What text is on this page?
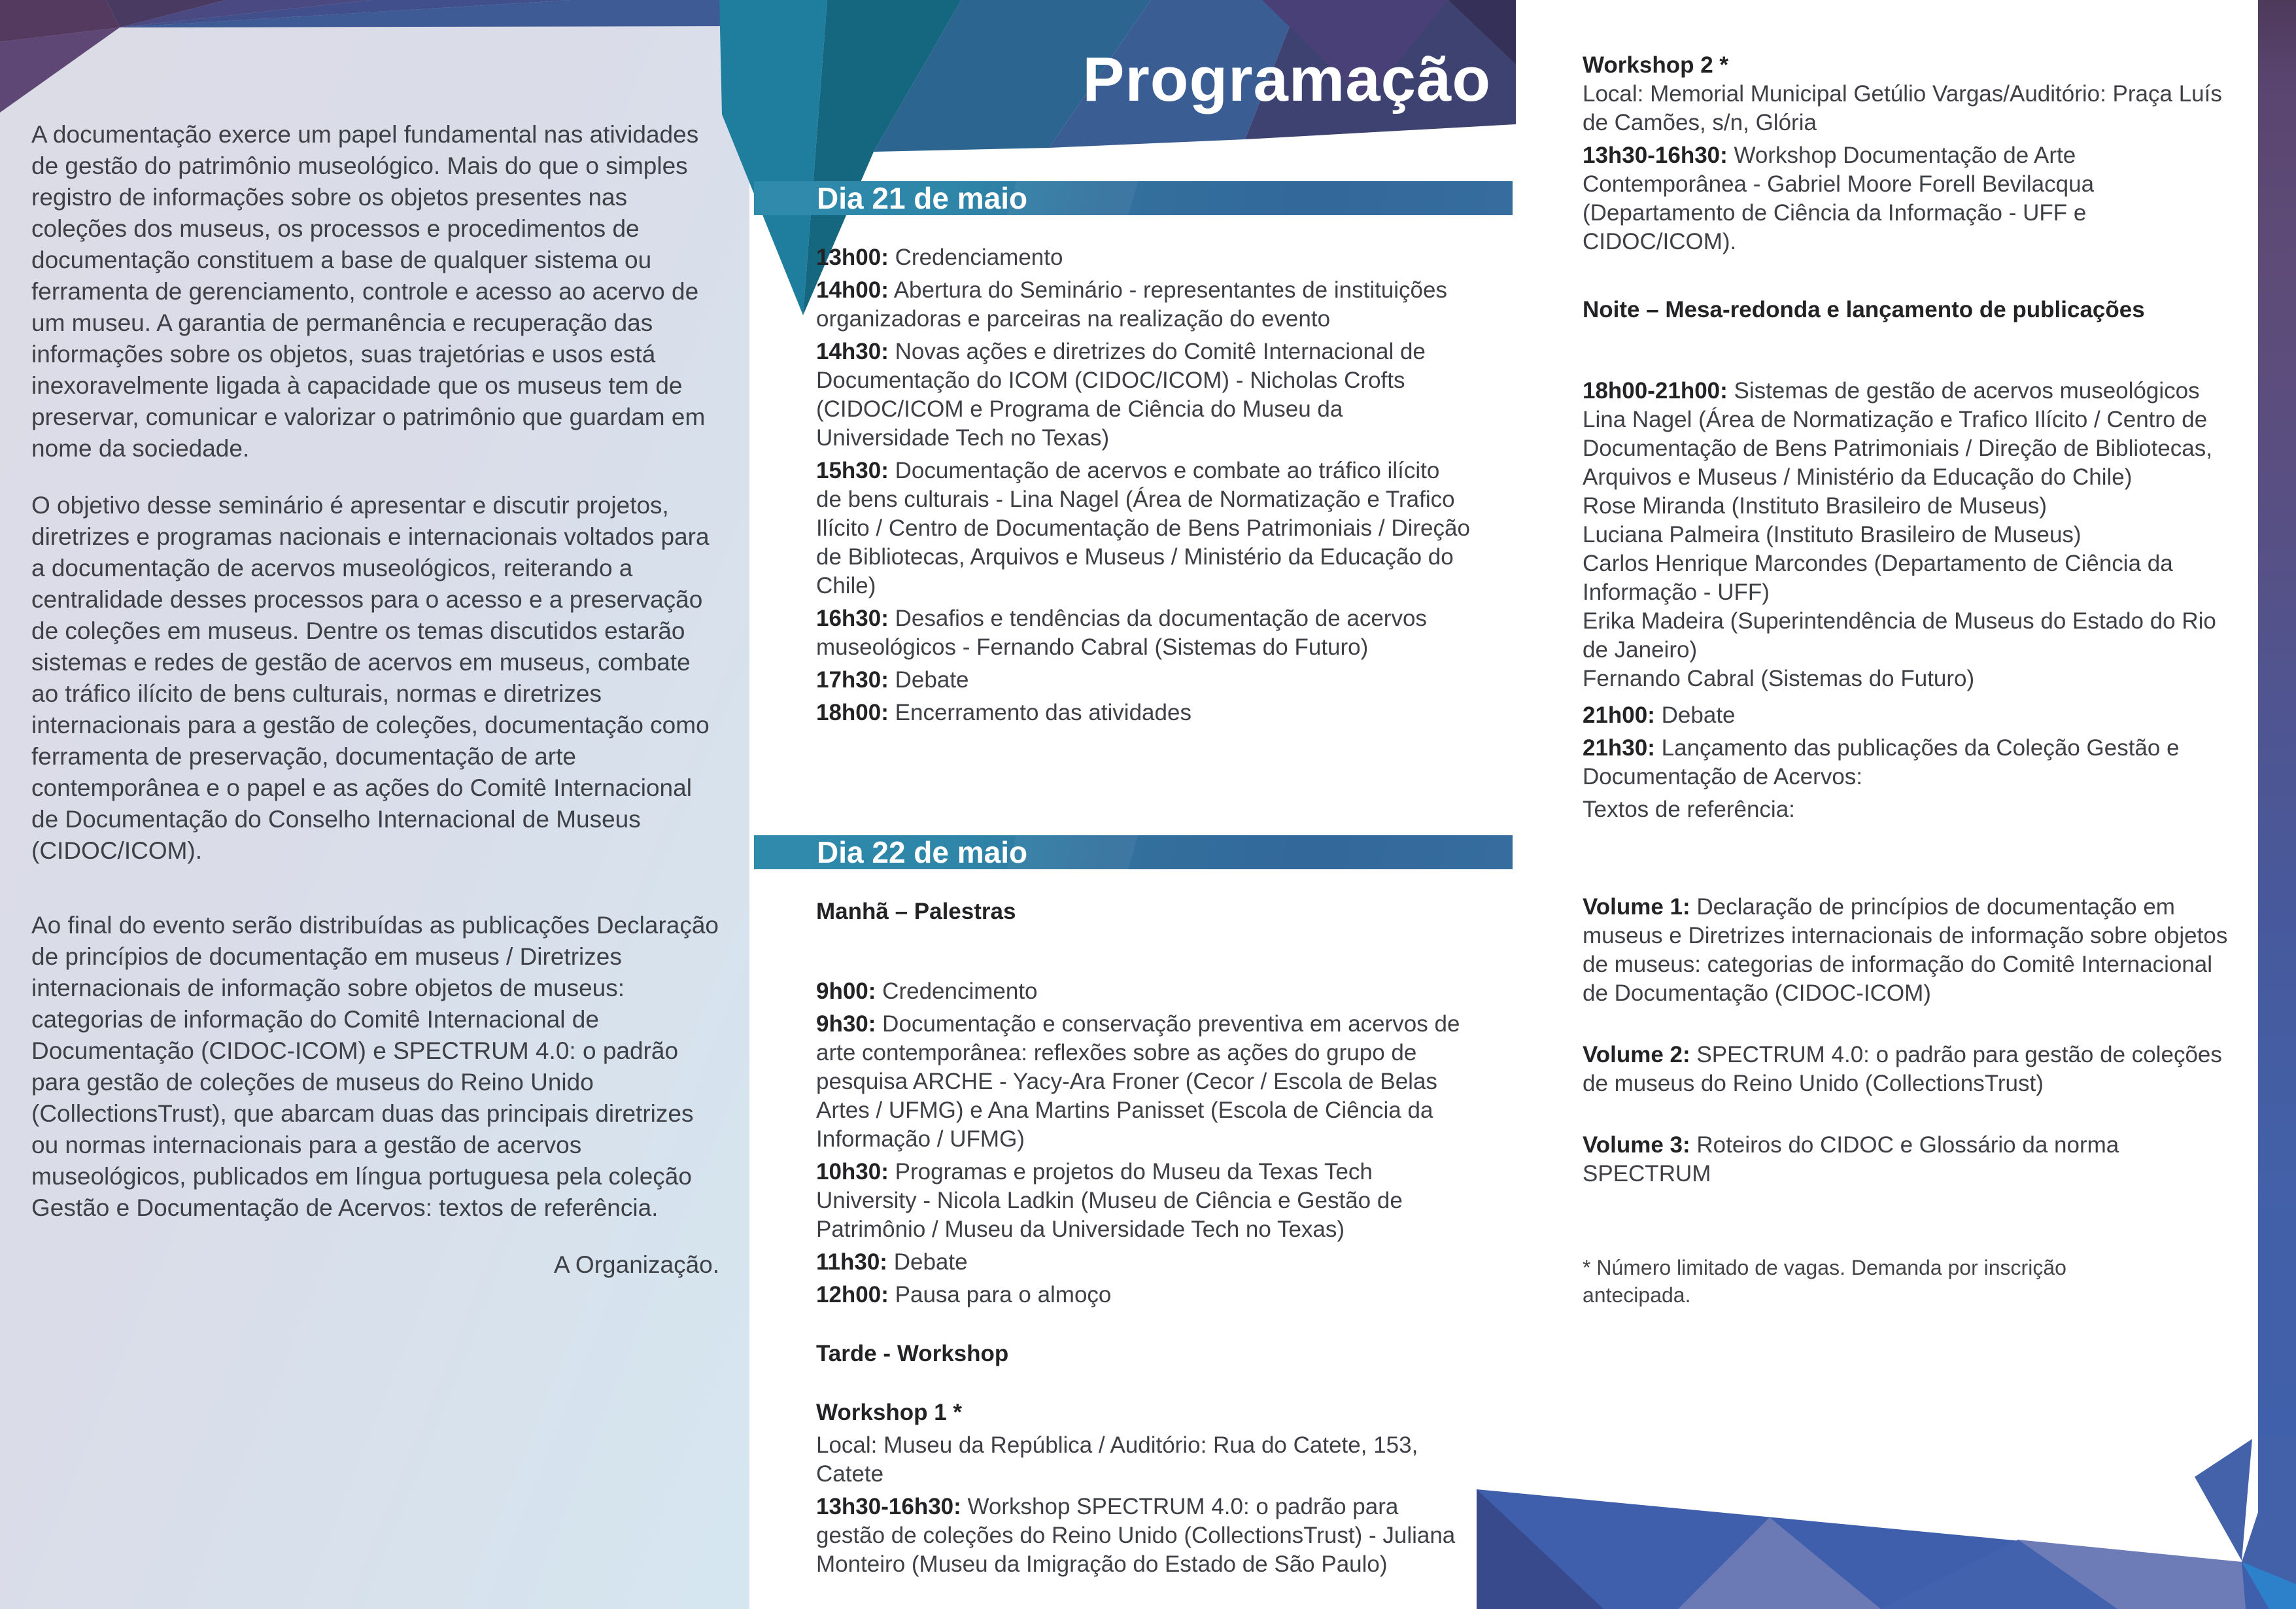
A documentação exerce um papel fundamental nas atividades de gestão do patrimônio museológico. Mais do que o simples registro de informações sobre os objetos presentes nas coleções dos museus, os processos e procedimentos de documentação constituem a base de qualquer sistema ou ferramenta de gerenciamento, controle e acesso ao acervo de um museu. A garantia de permanência e recuperação das informações sobre os objetos, suas trajetórias e usos está inexoravelmente ligada à capacidade que os museus tem de preservar, comunicar e valorizar o patrimônio que guardam em nome da sociedade.

O objetivo desse seminário é apresentar e discutir projetos, diretrizes e programas nacionais e internacionais voltados para a documentação de acervos museológicos, reiterando a centralidade desses processos para o acesso e a preservação de coleções em museus. Dentre os temas discutidos estarão sistemas e redes de gestão de acervos em museus, combate ao tráfico ilícito de bens culturais, normas e diretrizes internacionais para a gestão de coleções, documentação como ferramenta de preservação, documentação de arte contemporânea e o papel e as ações do Comitê Internacional de Documentação do Conselho Internacional de Museus (CIDOC/ICOM).

Ao final do evento serão distribuídas as publicações Declaração de princípios de documentação em museus / Diretrizes internacionais de informação sobre objetos de museus: categorias de informação do Comitê Internacional de Documentação (CIDOC-ICOM) e SPECTRUM 4.0: o padrão para gestão de coleções de museus do Reino Unido (CollectionsTrust), que abarcam duas das principais diretrizes ou normas internacionais para a gestão de acervos museológicos, publicados em língua portuguesa pela coleção Gestão e Documentação de Acervos: textos de referência.

A Organização.

Programação
Dia 21 de maio

13h00: Credenciamento

14h00: Abertura do Seminário - representantes de instituições organizadoras e parceiras na realização do evento

14h30: Novas ações e diretrizes do Comitê Internacional de Documentação do ICOM (CIDOC/ICOM) - Nicholas Crofts (CIDOC/ICOM e Programa de Ciência do Museu da Universidade Tech no Texas)

15h30: Documentação de acervos e combate ao tráfico ilícito de bens culturais - Lina Nagel (Área de Normatização e Trafico Ilícito / Centro de Documentação de Bens Patrimoniais / Direção de Bibliotecas, Arquivos e Museus / Ministério da Educação do Chile)

16h30: Desafios e tendências da documentação de acervos museológicos - Fernando Cabral (Sistemas do Futuro)

17h30: Debate

18h00: Encerramento das atividades

Dia 22 de maio

Manhã – Palestras

9h00: Credencimento

9h30: Documentação e conservação preventiva em acervos de arte contemporânea: reflexões sobre as ações do grupo de pesquisa ARCHE - Yacy-Ara Froner (Cecor / Escola de Belas Artes / UFMG) e Ana Martins Panisset (Escola de Ciência da Informação / UFMG)

10h30: Programas e projetos do Museu da Texas Tech University - Nicola Ladkin (Museu de Ciência e Gestão de Patrimônio / Museu da Universidade Tech no Texas)

11h30: Debate

12h00: Pausa para o almoço

Tarde - Workshop

Workshop 1 *

Local: Museu da República / Auditório: Rua do Catete, 153, Catete

13h30-16h30: Workshop SPECTRUM 4.0: o padrão para gestão de coleções do Reino Unido (CollectionsTrust) - Juliana Monteiro (Museu da Imigração do Estado de São Paulo)

Workshop 2 *

Local: Memorial Municipal Getúlio Vargas/Auditório: Praça Luís de Camões, s/n, Glória

13h30-16h30: Workshop Documentação de Arte Contemporânea - Gabriel Moore Forell Bevilacqua (Departamento de Ciência da Informação - UFF e CIDOC/ICOM).

Noite – Mesa-redonda e lançamento de publicações

18h00-21h00: Sistemas de gestão de acervos museológicos

Lina Nagel (Área de Normatização e Trafico Ilícito / Centro de Documentação de Bens Patrimoniais / Direção de Bibliotecas, Arquivos e Museus / Ministério da Educação do Chile)

Rose Miranda (Instituto Brasileiro de Museus)

Luciana Palmeira (Instituto Brasileiro de Museus)

Carlos Henrique Marcondes (Departamento de Ciência da Informação - UFF)

Erika Madeira (Superintendência de Museus do Estado do Rio de Janeiro)

Fernando Cabral (Sistemas do Futuro)

21h00: Debate

21h30: Lançamento das publicações da Coleção Gestão e Documentação de Acervos:

Textos de referência:

Volume 1: Declaração de princípios de documentação em museus e Diretrizes internacionais de informação sobre objetos de museus: categorias de informação do Comitê Internacional de Documentação (CIDOC-ICOM)

Volume 2: SPECTRUM 4.0: o padrão para gestão de coleções de museus do Reino Unido (CollectionsTrust)

Volume 3: Roteiros do CIDOC e Glossário da norma SPECTRUM

* Número limitado de vagas. Demanda por inscrição antecipada.
